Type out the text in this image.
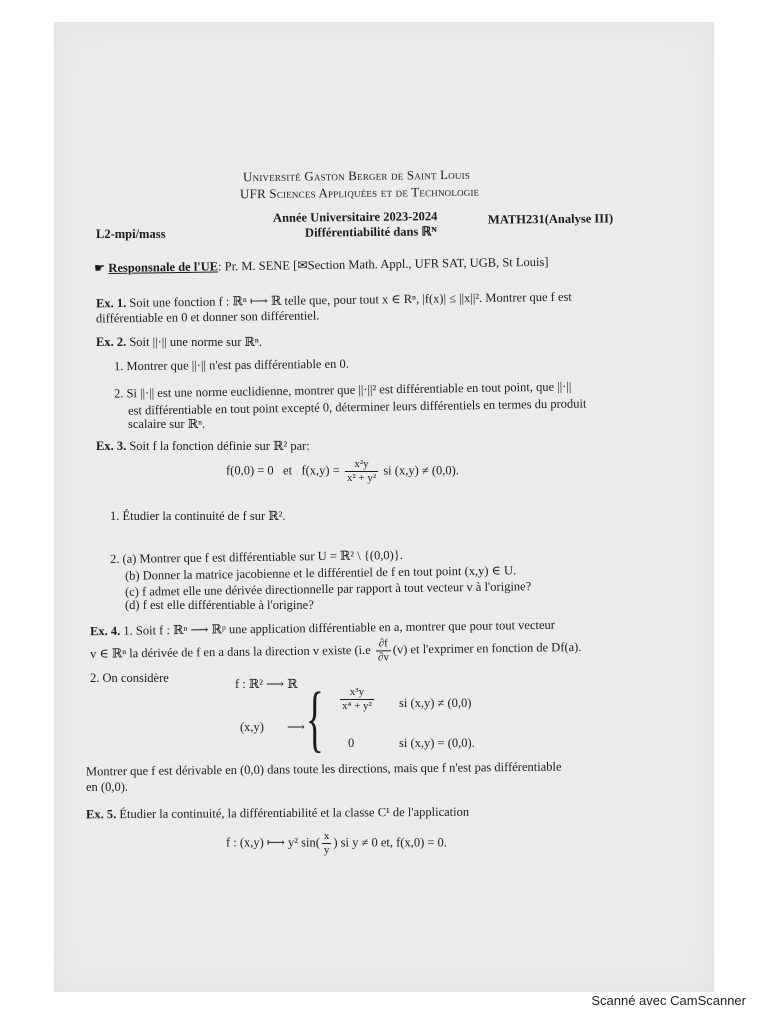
Université Gaston Berger de Saint Louis
UFR Sciences Appliquées et de Technologie
Année Universitaire 2023-2024
Différentiabilité dans ℝᴺ
L2-mpi/mass
MATH231(Analyse III)
☛ Responsnale de l'UE: Pr. M. SENE [✉Section Math. Appl., UFR SAT, UGB, St Louis]
Ex. 1. Soit une fonction f : ℝⁿ ⟼ ℝ telle que, pour tout x ∈ Rⁿ, |f(x)| ≤ ||x||². Montrer que f est
différentiable en 0 et donner son différentiel.
Ex. 2. Soit ||·|| une norme sur ℝⁿ.
1. Montrer que ||·|| n'est pas différentiable en 0.
2. Si ||·|| est une norme euclidienne, montrer que ||·||² est différentiable en tout point, que ||·||
est différentiable en tout point excepté 0, déterminer leurs différentiels en termes du produit
scalaire sur ℝⁿ.
Ex. 3. Soit f la fonction définie sur ℝ² par:
f(0,0) = 0 et $f(x,y) = \frac{\text{x²y}}{\text{x² + y²}}$ si (x,y) ≠ (0,0).
1. Étudier la continuité de f sur ℝ².
2. (a) Montrer que f est différentiable sur U = ℝ² \ {(0,0)}.
(b) Donner la matrice jacobienne et le différentiel de f en tout point (x,y) ∈ U.
(c) f admet elle une dérivée directionnelle par rapport à tout vecteur v à l'origine?
(d) f est elle différentiable à l'origine?
Ex. 4. 1. Soit f : ℝⁿ ⟶ ℝᵖ une application différentiable en a, montrer que pour tout vecteur
v ∈ ℝⁿ la dérivée de f en a dans la direction v existe ($i.e \frac{\partial f}{\partial v} (v)$ et l'exprimer en fonction de Df(a).
2. On considère	f : ℝ² ⟶ ℝ
(x,y) ⟶ { $\frac{\text{x³y}}{\text{x⁴ + y²}}$ si (x,y) ≠ (0,0)
0	si (x,y) = (0,0).
Montrer que f est dérivable en (0,0) dans toute les directions, mais que f n'est pas différentiable
en (0,0).
Ex. 5. Étudier la continuité, la différentiabilité et la classe C¹ de l'application
f : (x,y) ⟼ y² $\sin( \frac{x}{y}$ ) si y ≠ 0 et, f(x,0) = 0.
Scanné avec CamScanner
